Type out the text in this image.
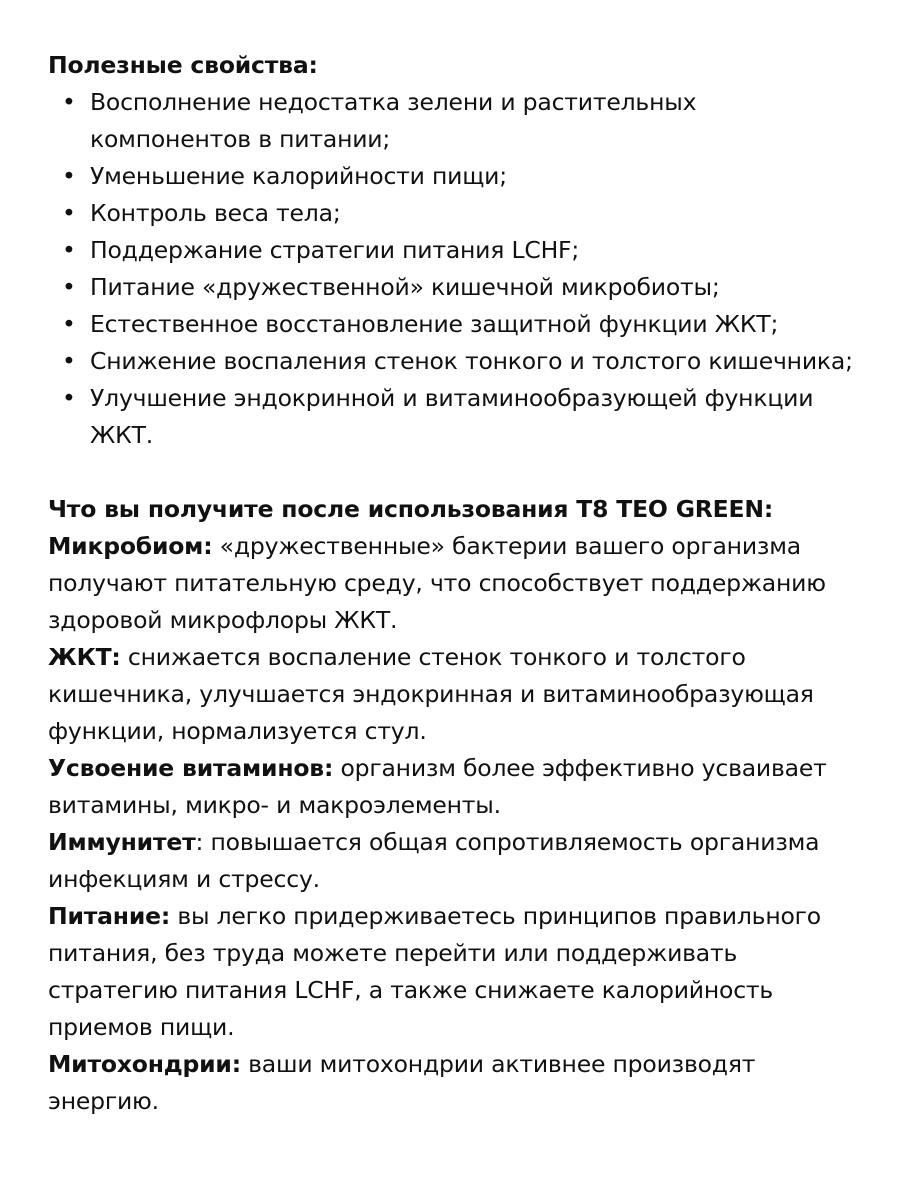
Полезные свойства:
• Восполнение недостатка зелени и растительных компонентов в питании;
• Уменьшение калорийности пищи;
• Контроль веса тела;
• Поддержание стратегии питания LCHF;
• Питание «дружественной» кишечной микробиоты;
• Естественное восстановление защитной функции ЖКТ;
• Снижение воспаления стенок тонкого и толстого кишечника;
• Улучшение эндокринной и витаминообразующей функции ЖКТ.
Что вы получите после использования T8 TEO GREEN:

Микробиом: «дружественные» бактерии вашего организма получают питательную среду, что способствует поддержанию здоровой микрофлоры ЖКТ.

ЖКТ: снижается воспаление стенок тонкого и толстого кишечника, улучшается эндокринная и витаминообразующая функции, нормализуется стул.

Усвоение витаминов: организм более эффективно усваивает витамины, микро- и макроэлементы.

Иммунитет: повышается общая сопротивляемость организма инфекциям и стрессу.

Питание: вы легко придерживаетесь принципов правильного питания, без труда можете перейти или поддерживать стратегию питания LCHF, а также снижаете калорийность приемов пищи.

Митохондрии: ваши митохондрии активнее производят энергию.
